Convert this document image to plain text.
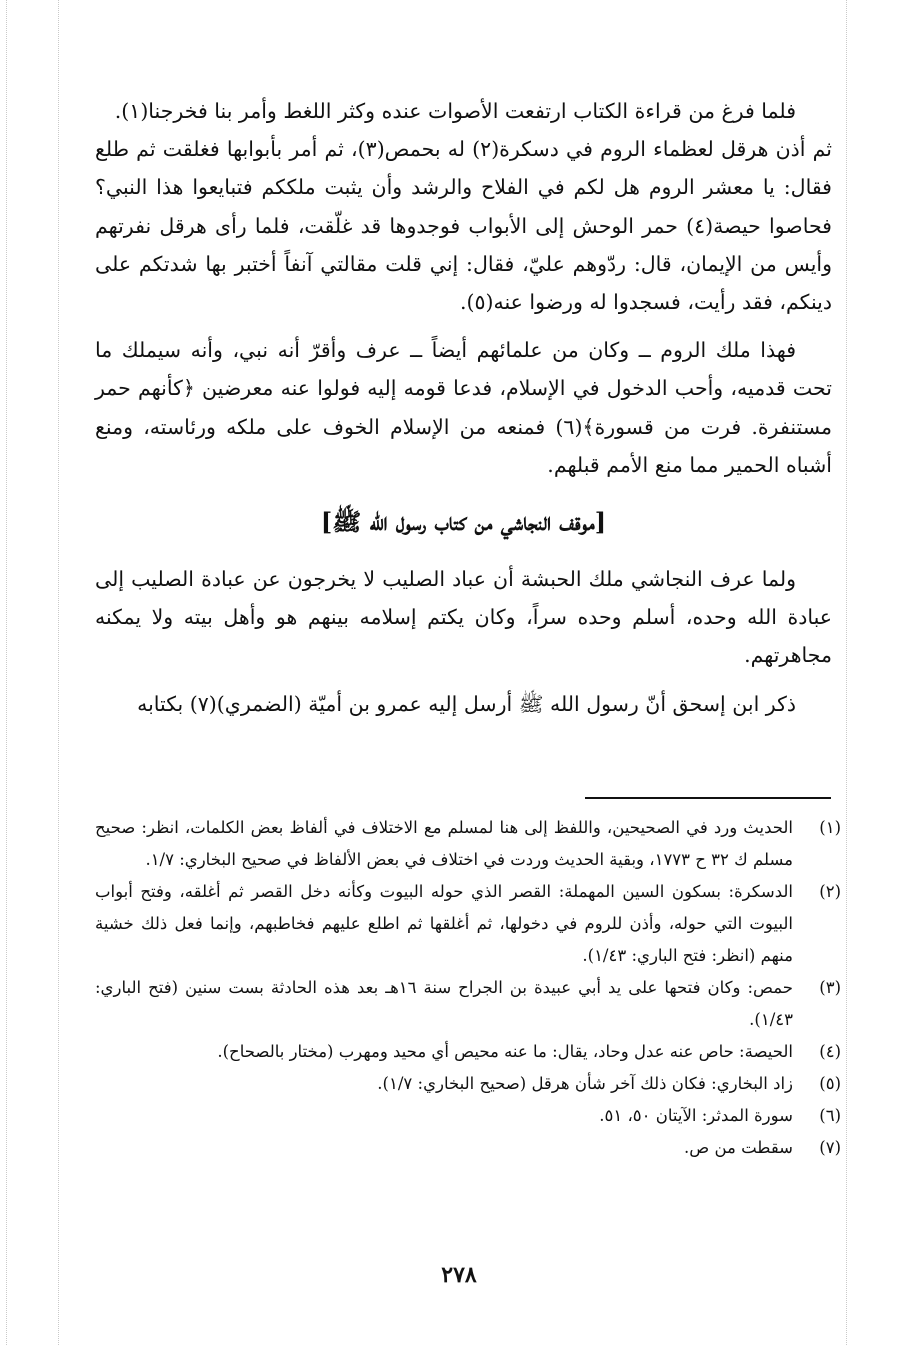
فلما فرغ من قراءة الكتاب ارتفعت الأصوات عنده وكثر اللغط وأمر بنا فخرجنا(١).

ثم أذن هرقل لعظماء الروم في دسكرة(٢) له بحمص(٣)، ثم أمر بأبوابها فغلقت ثم طلع فقال: يا معشر الروم هل لكم في الفلاح والرشد وأن يثبت ملككم فتبايعوا هذا النبي؟ فحاصوا حيصة(٤) حمر الوحش إلى الأبواب فوجدوها قد غلّقت، فلما رأى هرقل نفرتهم وأيس من الإيمان، قال: ردّوهم عليّ، فقال: إني قلت مقالتي آنفاً أختبر بها شدتكم على دينكم، فقد رأيت، فسجدوا له ورضوا عنه(٥).

فهذا ملك الروم ــ وكان من علمائهم أيضاً ــ عرف وأقرّ أنه نبي، وأنه سيملك ما تحت قدميه، وأحب الدخول في الإسلام، فدعا قومه إليه فولوا عنه معرضين ﴿كأنهم حمر مستنفرة. فرت من قسورة﴾(٦) فمنعه من الإسلام الخوف على ملكه ورئاسته، ومنع أشباه الحمير مما منع الأمم قبلهم.

[موقف النجاشي من كتاب رسول الله ﷺ]

ولما عرف النجاشي ملك الحبشة أن عباد الصليب لا يخرجون عن عبادة الصليب إلى عبادة الله وحده، أسلم وحده سراً، وكان يكتم إسلامه بينهم هو وأهل بيته ولا يمكنه مجاهرتهم.

ذكر ابن إسحق أنّ رسول الله ﷺ أرسل إليه عمرو بن أميّة (الضمري)(٧) بكتابه

(١)
الحديث ورد في الصحيحين، واللفظ إلى هنا لمسلم مع الاختلاف في ألفاظ بعض الكلمات، انظر: صحيح مسلم ك ٣٢ ح ١٧٧٣، وبقية الحديث وردت في اختلاف في بعض الألفاظ في صحيح البخاري: ١/٧.
(٢)
الدسكرة: بسكون السين المهملة: القصر الذي حوله البيوت وكأنه دخل القصر ثم أغلقه، وفتح أبواب البيوت التي حوله، وأذن للروم في دخولها، ثم أغلقها ثم اطلع عليهم فخاطبهم، وإنما فعل ذلك خشية منهم (انظر: فتح الباري: ١/٤٣).
(٣)
حمص: وكان فتحها على يد أبي عبيدة بن الجراح سنة ١٦هـ بعد هذه الحادثة بست سنين (فتح الباري: ١/٤٣).
(٤)
الحيصة: حاص عنه عدل وحاد، يقال: ما عنه محيص أي محيد ومهرب (مختار بالصحاح).
(٥)
زاد البخاري: فكان ذلك آخر شأن هرقل (صحيح البخاري: ١/٧).
(٦)
سورة المدثر: الآيتان ٥٠، ٥١.
(٧)
سقطت من ص.
٢٧٨
